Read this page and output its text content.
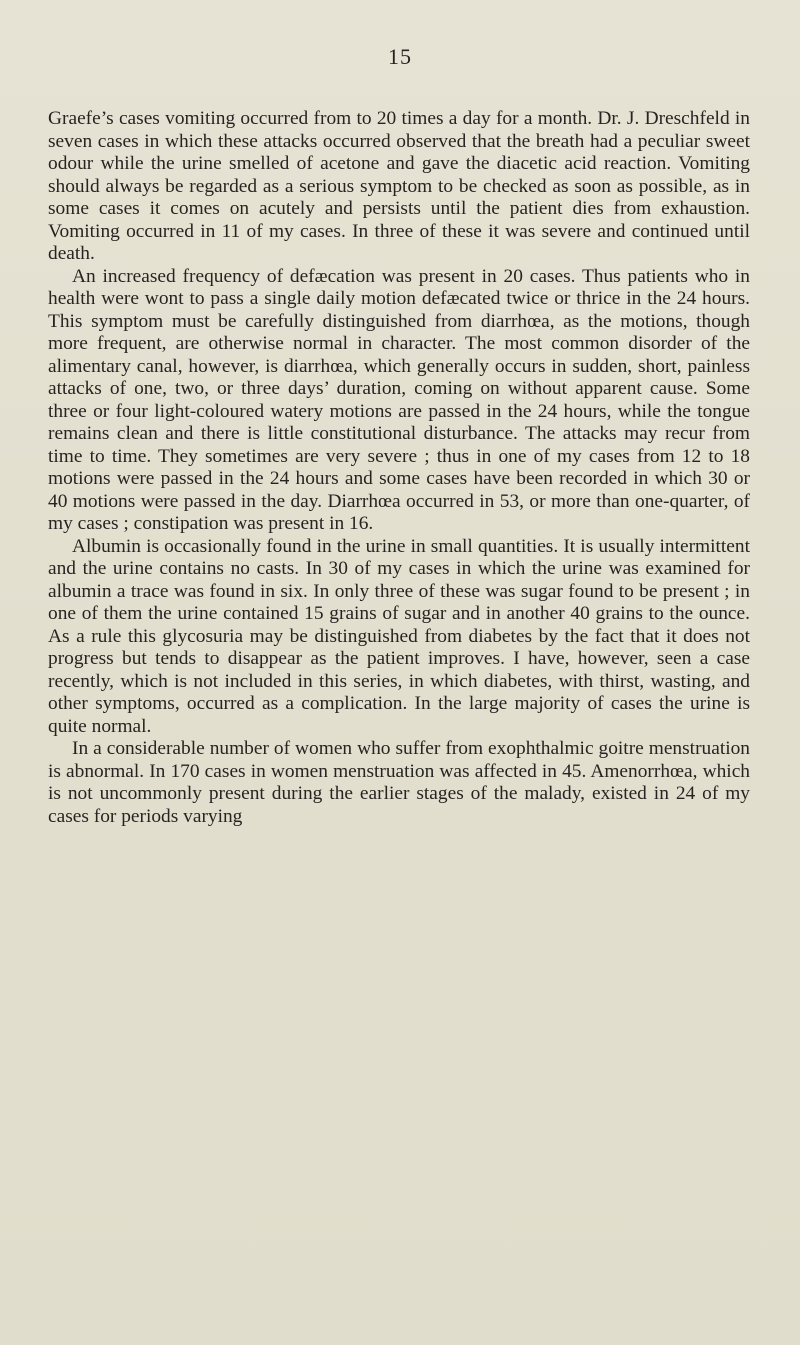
15

Graefe’s cases vomiting occurred from to 20 times a day for a month. Dr. J. Dreschfeld in seven cases in which these attacks occurred observed that the breath had a peculiar sweet odour while the urine smelled of acetone and gave the diacetic acid reaction. Vomiting should always be regarded as a serious symptom to be checked as soon as possible, as in some cases it comes on acutely and persists until the patient dies from exhaustion. Vomiting occurred in 11 of my cases. In three of these it was severe and continued until death.

An increased frequency of defæcation was present in 20 cases. Thus patients who in health were wont to pass a single daily motion defæcated twice or thrice in the 24 hours. This symptom must be carefully distinguished from diarrhœa, as the motions, though more frequent, are otherwise normal in character. The most common disorder of the alimentary canal, however, is diarrhœa, which generally occurs in sudden, short, painless attacks of one, two, or three days’ duration, coming on without apparent cause. Some three or four light-coloured watery motions are passed in the 24 hours, while the tongue remains clean and there is little constitutional disturbance. The attacks may recur from time to time. They sometimes are very severe ; thus in one of my cases from 12 to 18 motions were passed in the 24 hours and some cases have been recorded in which 30 or 40 motions were passed in the day. Diarrhœa occurred in 53, or more than one-quarter, of my cases ; constipation was present in 16.

Albumin is occasionally found in the urine in small quantities. It is usually intermittent and the urine contains no casts. In 30 of my cases in which the urine was examined for albumin a trace was found in six. In only three of these was sugar found to be present ; in one of them the urine contained 15 grains of sugar and in another 40 grains to the ounce. As a rule this glycosuria may be distinguished from diabetes by the fact that it does not progress but tends to disappear as the patient improves. I have, however, seen a case recently, which is not included in this series, in which diabetes, with thirst, wasting, and other symptoms, occurred as a complication. In the large majority of cases the urine is quite normal.

In a considerable number of women who suffer from exophthalmic goitre menstruation is abnormal. In 170 cases in women menstruation was affected in 45. Amenorrhœa, which is not uncommonly present during the earlier stages of the malady, existed in 24 of my cases for periods varying
